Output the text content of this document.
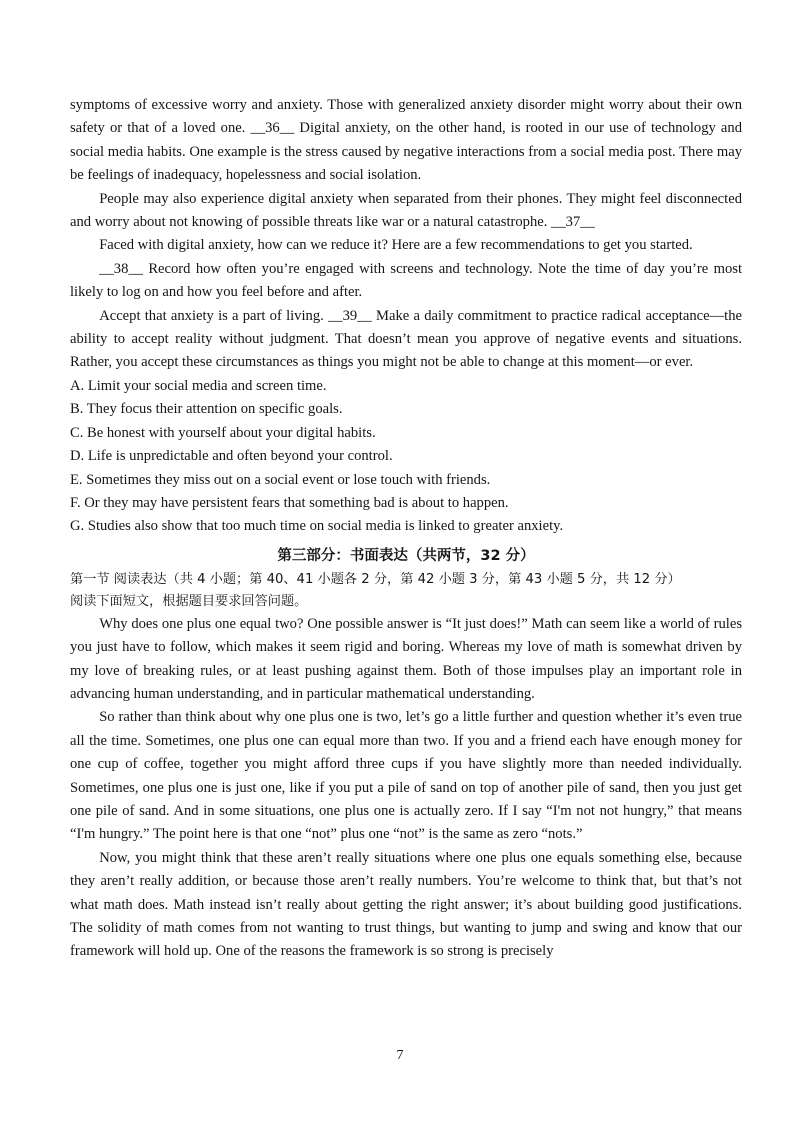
symptoms of excessive worry and anxiety. Those with generalized anxiety disorder might worry about their own safety or that of a loved one. __36__ Digital anxiety, on the other hand, is rooted in our use of technology and social media habits. One example is the stress caused by negative interactions from a social media post. There may be feelings of inadequacy, hopelessness and social isolation.

People may also experience digital anxiety when separated from their phones. They might feel disconnected and worry about not knowing of possible threats like war or a natural catastrophe. __37__

Faced with digital anxiety, how can we reduce it? Here are a few recommendations to get you started.

__38__ Record how often you’re engaged with screens and technology. Note the time of day you’re most likely to log on and how you feel before and after.

Accept that anxiety is a part of living. __39__ Make a daily commitment to practice radical acceptance—the ability to accept reality without judgment. That doesn’t mean you approve of negative events and situations. Rather, you accept these circumstances as things you might not be able to change at this moment—or ever.

A. Limit your social media and screen time.

B. They focus their attention on specific goals.

C. Be honest with yourself about your digital habits.

D. Life is unpredictable and often beyond your control.

E. Sometimes they miss out on a social event or lose touch with friends.

F. Or they may have persistent fears that something bad is about to happen.

G. Studies also show that too much time on social media is linked to greater anxiety.

第三部分：书面表达（共两节，32 分）

第一节 阅读表达（共 4 小题；第 40、41 小题各 2 分，第 42 小题 3 分，第 43 小题 5 分，共 12 分）

阅读下面短文，根据题目要求回答问题。

Why does one plus one equal two? One possible answer is “It just does!” Math can seem like a world of rules you just have to follow, which makes it seem rigid and boring. Whereas my love of math is somewhat driven by my love of breaking rules, or at least pushing against them. Both of those impulses play an important role in advancing human understanding, and in particular mathematical understanding.

So rather than think about why one plus one is two, let’s go a little further and question whether it’s even true all the time. Sometimes, one plus one can equal more than two. If you and a friend each have enough money for one cup of coffee, together you might afford three cups if you have slightly more than needed individually. Sometimes, one plus one is just one, like if you put a pile of sand on top of another pile of sand, then you just get one pile of sand. And in some situations, one plus one is actually zero. If I say “I'm not not hungry,” that means “I'm hungry.” The point here is that one “not” plus one “not” is the same as zero “nots.”

Now, you might think that these aren’t really situations where one plus one equals something else, because they aren’t really addition, or because those aren’t really numbers. You’re welcome to think that, but that’s not what math does. Math instead isn’t really about getting the right answer; it’s about building good justifications. The solidity of math comes from not wanting to trust things, but wanting to jump and swing and know that our framework will hold up. One of the reasons the framework is so strong is precisely

7
